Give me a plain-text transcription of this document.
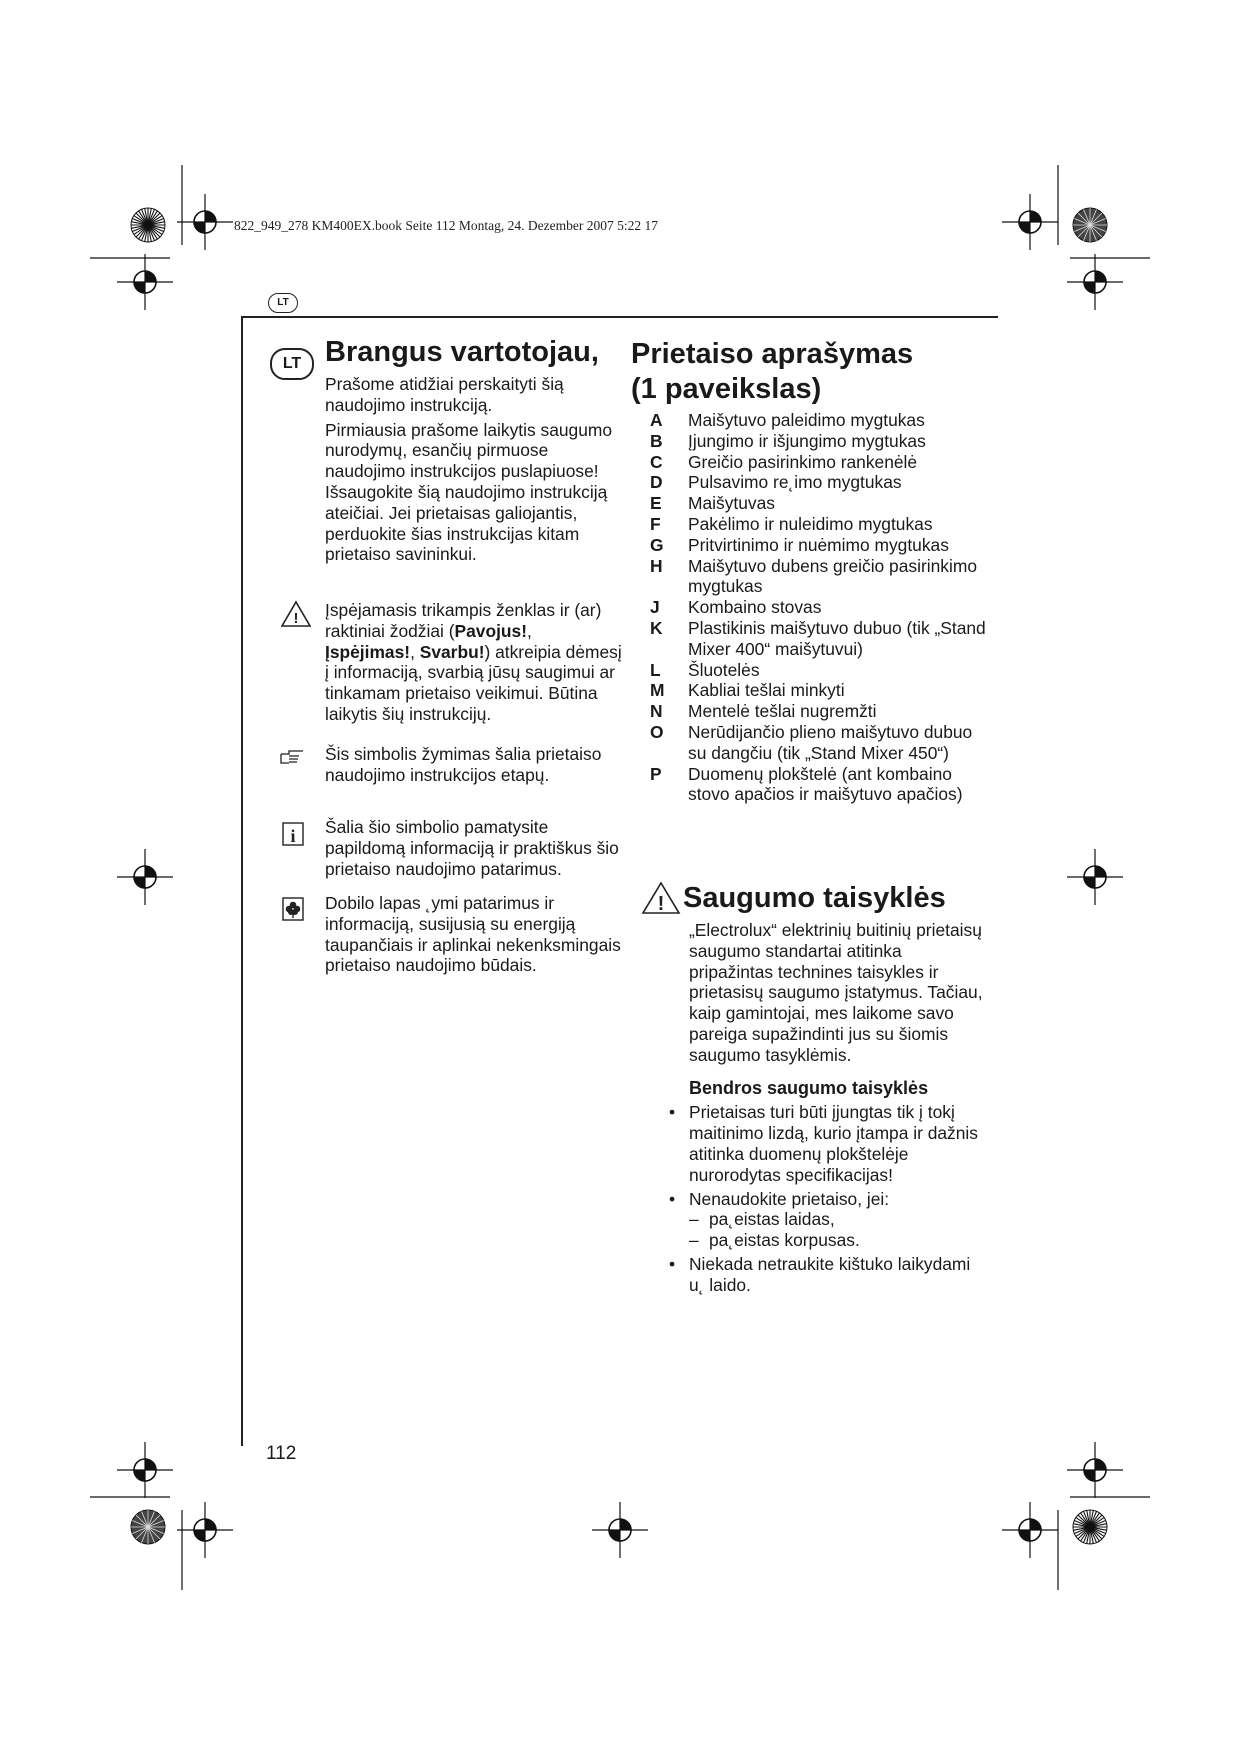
822_949_278 KM400EX.book Seite 112 Montag, 24. Dezember 2007 5:22 17
LT
LT Brangus vartotojau,

Prašome atidžiai perskaityti šią naudojimo instrukciją.

Pirmiausia prašome laikytis saugumo nurodymų, esančių pirmuose naudojimo instrukcijos puslapiuose! Išsaugokite šią naudojimo instrukciją ateičiai. Jei prietaisas galiojantis, perduokite šias instrukcijas kitam prietaiso savininkui.

! Įspėjamasis trikampis ženklas ir (ar) raktiniai žodžiai (Pavojus!, Įspėjimas!, Svarbu!) atkreipia dėmesį į informaciją, svarbią jūsų saugimui ar tinkamam prietaiso veikimui. Būtina laikytis šių instrukcijų.

Šis simbolis žymimas šalia prietaiso naudojimo instrukcijos etapų.

i Šalia šio simbolio pamatysite papildomą informaciją ir praktiškus šio prietaiso naudojimo patarimus.

Dobilo lapas ˛ymi patarimus ir informaciją, susijusią su energiją taupančiais ir aplinkai nekenksmingais prietaiso naudojimo būdais.

Prietaiso aprašymas
(1 paveikslas)
A	Maišytuvo paleidimo mygtukas
B	Įjungimo ir išjungimo mygtukas
C	Greičio pasirinkimo rankenėlė
D	Pulsavimo re˛imo mygtukas
E	Maišytuvas
F	Pakėlimo ir nuleidimo mygtukas
G	Pritvirtinimo ir nuėmimo mygtukas
H	Maišytuvo dubens greičio pasirinkimo mygtukas
J	Kombaino stovas
K	Plastikinis maišytuvo dubuo (tik „Stand Mixer 400“ maišytuvui)
L	Šluotelės
M	Kabliai tešlai minkyti
N	Mentelė tešlai nugremžti
O	Nerūdijančio plieno maišytuvo dubuo su dangčiu (tik „Stand Mixer 450“)
P	Duomenų plokštelė (ant kombaino stovo apačios ir maišytuvo apačios)
! Saugumo taisyklės

„Electrolux“ elektrinių buitinių prietaisų saugumo standartai atitinka pripažintas technines taisykles ir prietasisų saugumo įstatymus. Tačiau, kaip gamintojai, mes laikome savo pareiga supažindinti jus su šiomis saugumo tasyklėmis.

Bendros saugumo taisyklės

• Prietaisas turi būti įjungtas tik į tokį maitinimo lizdą, kurio įtampa ir dažnis atitinka duomenų plokštelėje nurorodytas specifikacijas!
• Nenaudokite prietaiso, jei:
– pa˛eistas laidas,
– pa˛eistas korpusas.
• Niekada netraukite kištuko laikydami u˛ laido.
112
